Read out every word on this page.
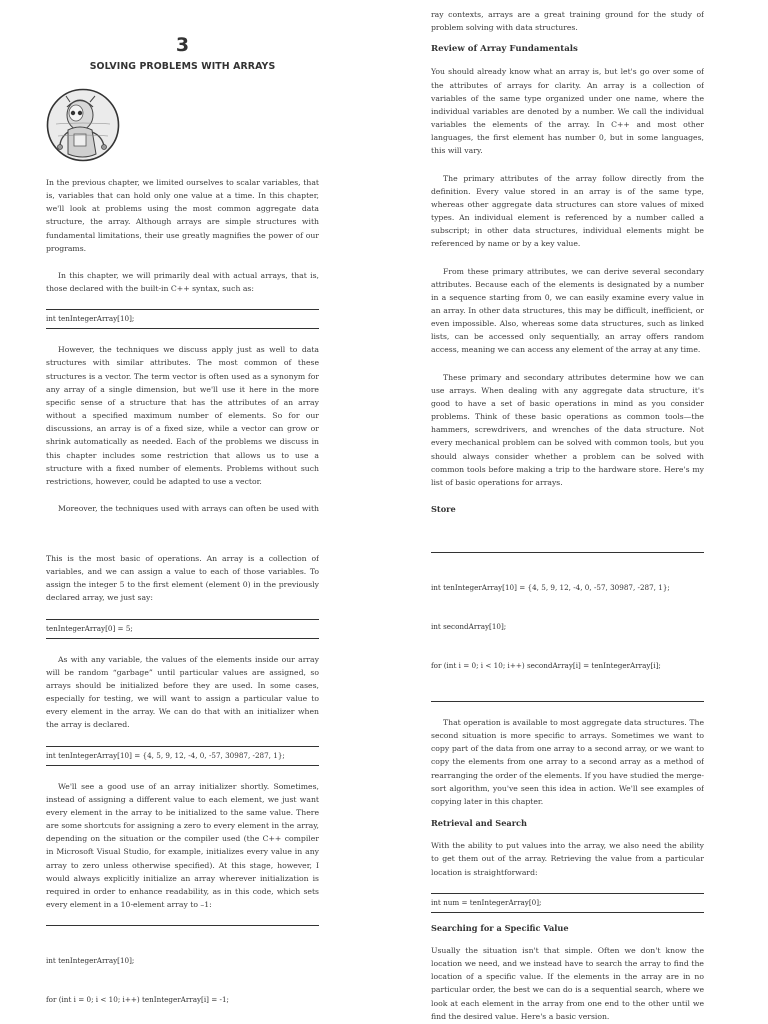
3
SOLVING PROBLEMS WITH ARRAYS

In the previous chapter, we limited ourselves to scalar variables, that is, variables that can hold only one value at a time. In this chapter, we'll look at problems using the most common aggregate data structure, the array. Although arrays are simple structures with fundamental limitations, their use greatly magnifies the power of our programs.

In this chapter, we will primarily deal with actual arrays, that is, those declared with the built-in C++ syntax, such as:

int tenIntegerArray[10];

However, the techniques we discuss apply just as well to data structures with similar attributes. The most common of these structures is a vector. The term vector is often used as a synonym for any array of a single dimension, but we'll use it here in the more specific sense of a structure that has the attributes of an array without a specified maximum number of elements. So for our discussions, an array is of a fixed size, while a vector can grow or shrink automatically as needed. Each of the problems we discuss in this chapter includes some restriction that allows us to use a structure with a fixed number of elements. Problems without such restrictions, however, could be adapted to use a vector.

Moreover, the techniques used with arrays can often be used with

ray contexts, arrays are a great training ground for the study of problem solving with data structures.

Review of Array Fundamentals

You should already know what an array is, but let's go over some of the attributes of arrays for clarity. An array is a collection of variables of the same type organized under one name, where the individual variables are denoted by a number. We call the individual variables the elements of the array. In C++ and most other languages, the first element has number 0, but in some languages, this will vary.

The primary attributes of the array follow directly from the definition. Every value stored in an array is of the same type, whereas other aggregate data structures can store values of mixed types. An individual element is referenced by a number called a subscript; in other data structures, individual elements might be referenced by name or by a key value.

From these primary attributes, we can derive several secondary attributes. Because each of the elements is designated by a number in a sequence starting from 0, we can easily examine every value in an array. In other data structures, this may be difficult, inefficient, or even impossible. Also, whereas some data structures, such as linked lists, can be accessed only sequentially, an array offers random access, meaning we can access any element of the array at any time.

These primary and secondary attributes determine how we can use arrays. When dealing with any aggregate data structure, it's good to have a set of basic operations in mind as you consider problems. Think of these basic operations as common tools—the hammers, screwdrivers, and wrenches of the data structure. Not every mechanical problem can be solved with common tools, but you should always consider whether a problem can be solved with common tools before making a trip to the hardware store. Here's my list of basic operations for arrays.

Store

This is the most basic of operations. An array is a collection of variables, and we can assign a value to each of those variables. To assign the integer 5 to the first element (element 0) in the previously declared array, we just say:

tenIntegerArray[0] = 5;

As with any variable, the values of the elements inside our array will be random “garbage” until particular values are assigned, so arrays should be initialized before they are used. In some cases, especially for testing, we will want to assign a particular value to every element in the array. We can do that with an initializer when the array is declared.

int tenIntegerArray[10] = {4, 5, 9, 12, -4, 0, -57, 30987, -287, 1};

We'll see a good use of an array initializer shortly. Sometimes, instead of assigning a different value to each element, we just want every element in the array to be initialized to the same value. There are some shortcuts for assigning a zero to every element in the array, depending on the situation or the compiler used (the C++ compiler in Microsoft Visual Studio, for example, initializes every value in any array to zero unless otherwise specified). At this stage, however, I would always explicitly initialize an array wherever initialization is required in order to enhance readability, as in this code, which sets every element in a 10-element array to –1:

int tenIntegerArray[10];

for (int i = 0; i < 10; i++) tenIntegerArray[i] = -1;

int tenIntegerArray[10] = {4, 5, 9, 12, -4, 0, -57, 30987, -287, 1};

int secondArray[10];

for (int i = 0; i < 10; i++) secondArray[i] = tenIntegerArray[i];

That operation is available to most aggregate data structures. The second situation is more specific to arrays. Sometimes we want to copy part of the data from one array to a second array, or we want to copy the elements from one array to a second array as a method of rearranging the order of the elements. If you have studied the merge-sort algorithm, you've seen this idea in action. We'll see examples of copying later in this chapter.

Retrieval and Search

With the ability to put values into the array, we also need the ability to get them out of the array. Retrieving the value from a particular location is straightforward:

int num = tenIntegerArray[0];
Searching for a Specific Value

Usually the situation isn't that simple. Often we don't know the location we need, and we instead have to search the array to find the location of a specific value. If the elements in the array are in no particular order, the best we can do is a sequential search, where we look at each element in the array from one end to the other until we find the desired value. Here's a basic version.
